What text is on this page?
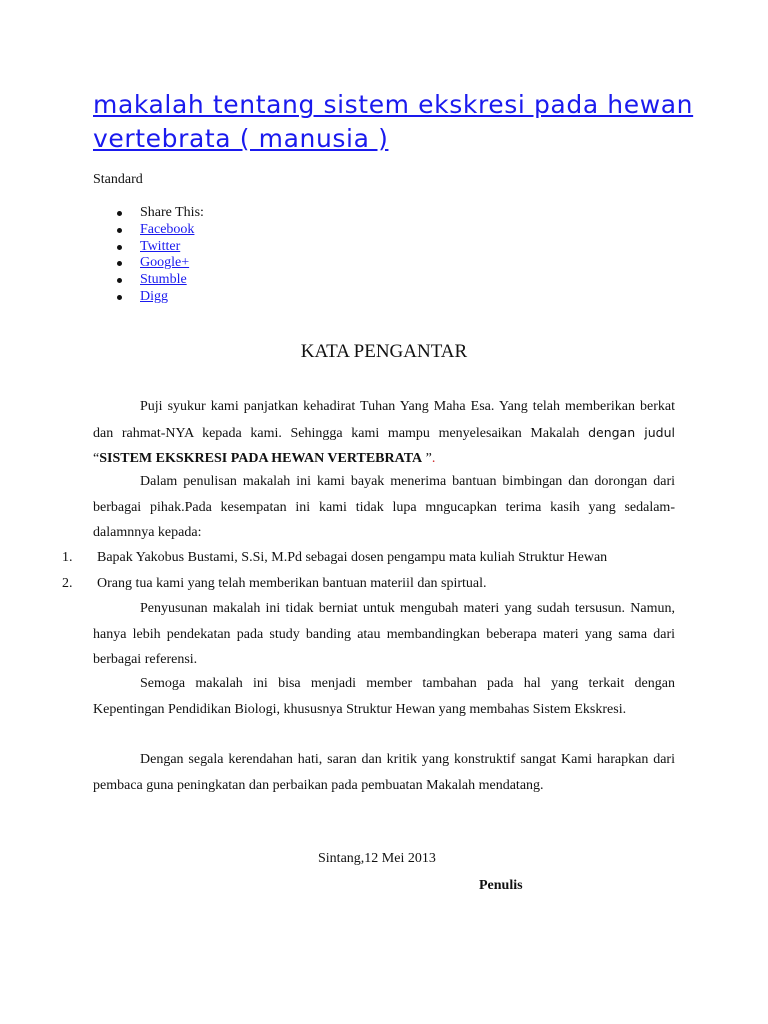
makalah tentang sistem ekskresi pada hewan vertebrata ( manusia )
Standard
Share This:
Facebook
Twitter
Google+
Stumble
Digg
KATA PENGANTAR

Puji syukur kami panjatkan kehadirat Tuhan Yang Maha Esa. Yang telah memberikan berkat dan rahmat-NYA kepada kami. Sehingga kami mampu menyelesaikan Makalah dengan judul “SISTEM EKSKRESI PADA HEWAN VERTEBRATA ”.

Dalam penulisan makalah ini kami bayak menerima bantuan bimbingan dan dorongan dari berbagai pihak.Pada kesempatan ini kami tidak lupa mngucapkan terima kasih yang sedalam- dalamnnya kepada:

1. Bapak Yakobus Bustami, S.Si, M.Pd sebagai dosen pengampu mata kuliah Struktur Hewan
2. Orang tua kami yang telah memberikan bantuan materiil dan spirtual.

Penyusunan makalah ini tidak berniat untuk mengubah materi yang sudah tersusun. Namun, hanya lebih pendekatan pada study banding atau membandingkan beberapa materi yang sama dari berbagai referensi.

Semoga makalah ini bisa menjadi member tambahan pada hal yang terkait dengan Kepentingan Pendidikan Biologi, khususnya Struktur Hewan yang membahas Sistem Ekskresi.

Dengan segala kerendahan hati, saran dan kritik yang konstruktif sangat Kami harapkan dari pembaca guna peningkatan dan perbaikan pada pembuatan Makalah mendatang.

Sintang,12 Mei 2013
Penulis
